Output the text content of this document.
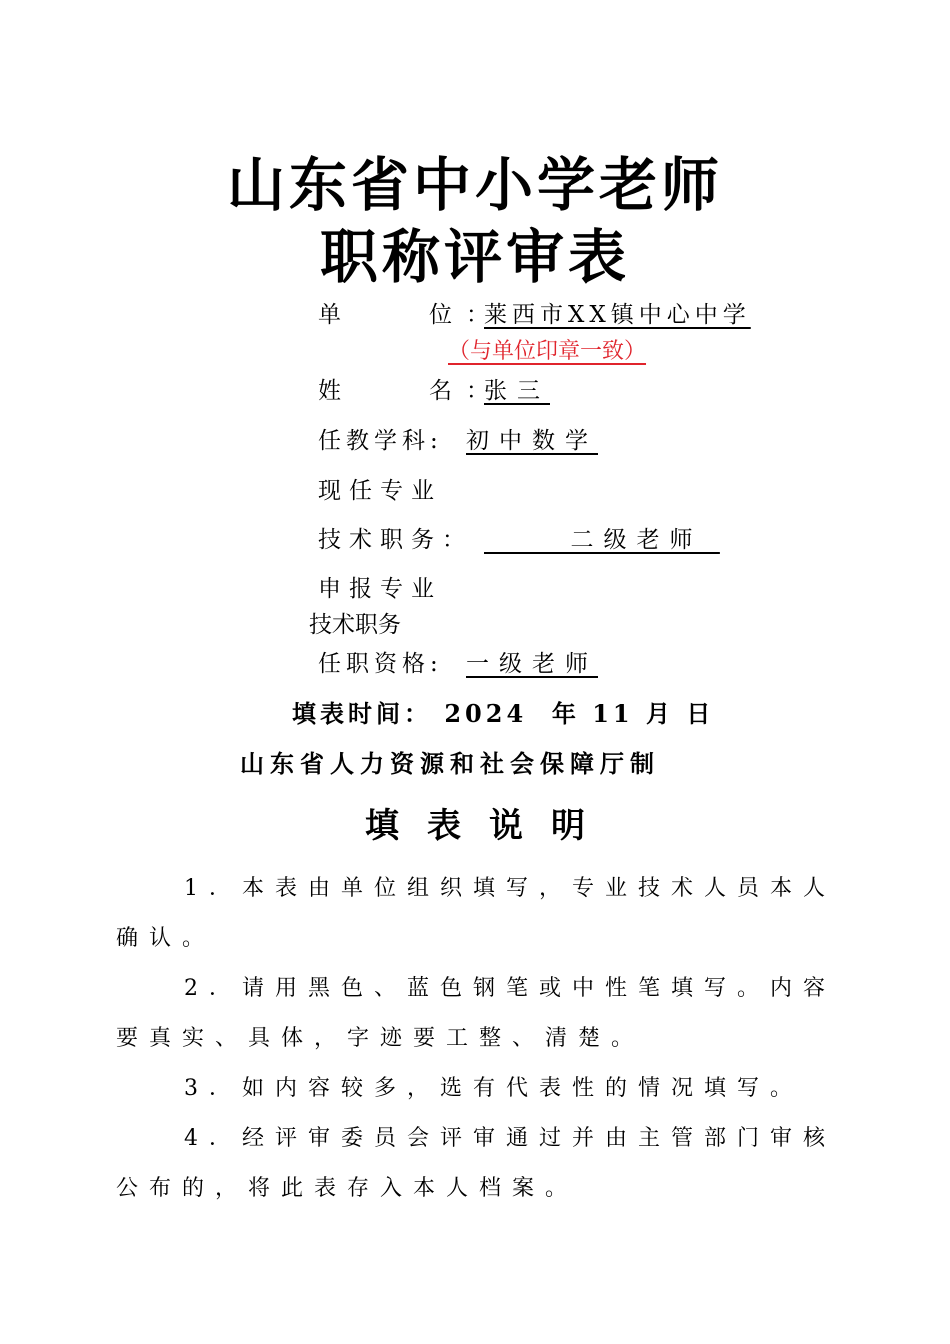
山东省中小学老师
职称评审表
单　　位：
莱西市XX镇中心中学
（与单位印章一致）
姓　　名：
张三
任教学科: 初中数学
现任专业
技术职务： 二级老师
申报专业
技术职务
任职资格: 一级老师
填表时间： 2024  年 11 月 日
山东省人力资源和社会保障厅制
填表说明
1．本表由单位组织填写，专业技术人员本人
确认。
2．请用黑色、蓝色钢笔或中性笔填写。内容
要真实、具体，字迹要工整、清楚。
3．如内容较多，选有代表性的情况填写。
4．经评审委员会评审通过并由主管部门审核
公布的，将此表存入本人档案。
